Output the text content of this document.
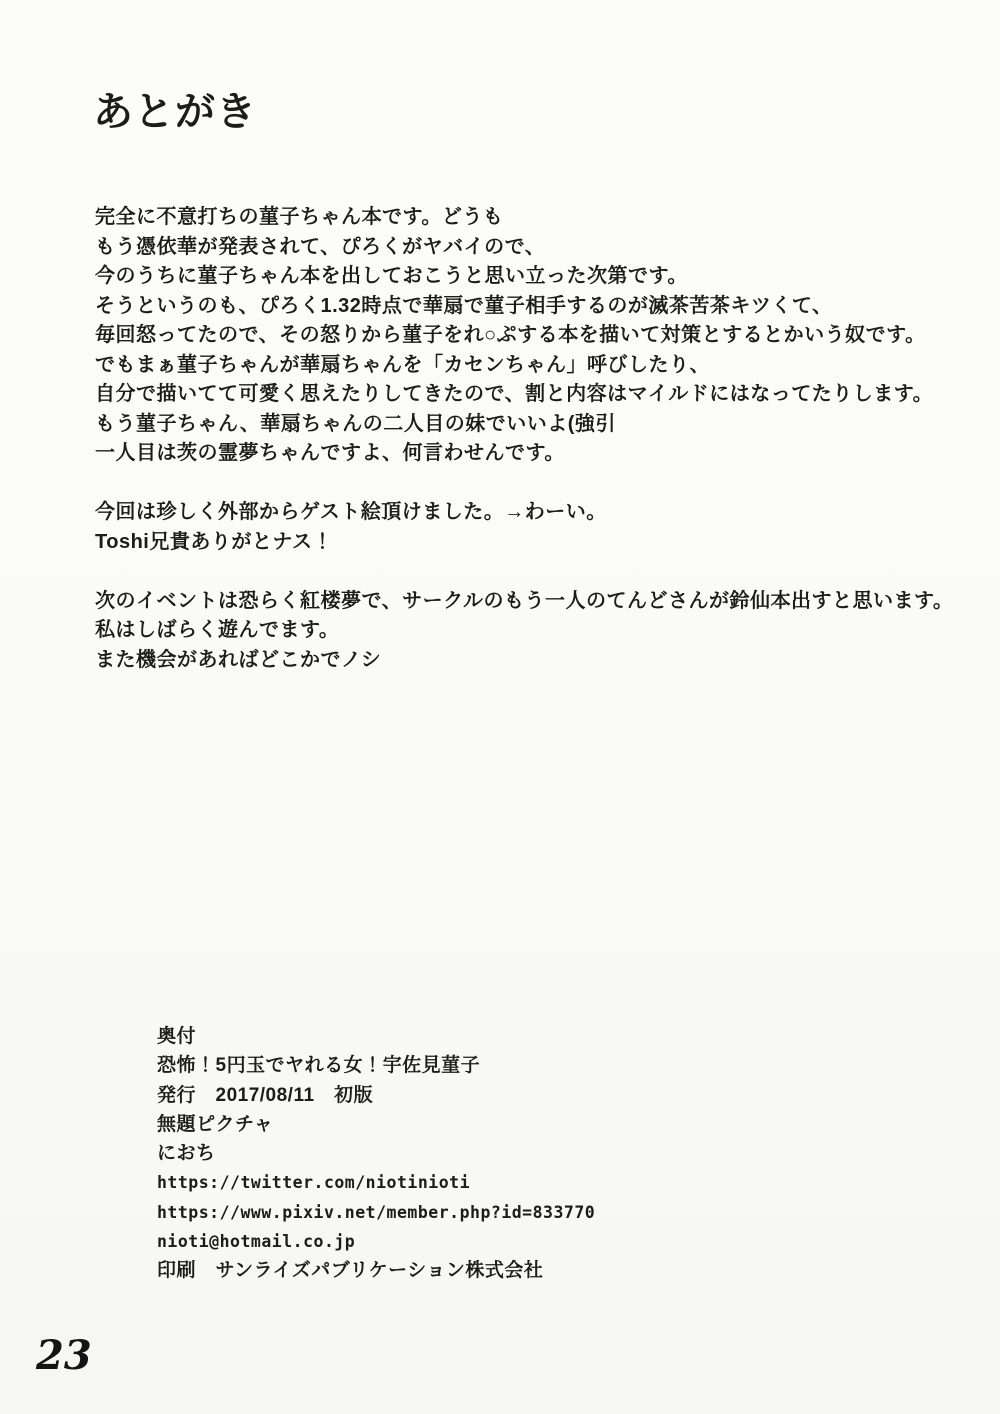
あとがき

完全に不意打ちの菫子ちゃん本です。どうも
もう憑依華が発表されて、ぴろくがヤバイので、
今のうちに菫子ちゃん本を出しておこうと思い立った次第です。
そうというのも、ぴろく1.32時点で華扇で菫子相手するのが滅茶苦茶キツくて、
毎回怒ってたので、その怒りから菫子をれ○ぷする本を描いて対策とするとかいう奴です。
でもまぁ菫子ちゃんが華扇ちゃんを「カセンちゃん」呼びしたり、
自分で描いてて可愛く思えたりしてきたので、割と内容はマイルドにはなってたりします。
もう菫子ちゃん、華扇ちゃんの二人目の妹でいいよ(強引
一人目は茨の霊夢ちゃんですよ、何言わせんです。

今回は珍しく外部からゲスト絵頂けました。→わーい。
Toshi兄貴ありがとナス！

次のイベントは恐らく紅楼夢で、サークルのもう一人のてんどさんが鈴仙本出すと思います。
私はしばらく遊んでます。
また機会があればどこかでノシ

奥付
恐怖！5円玉でヤれる女！宇佐見菫子
発行　2017/08/11　初版
無題ピクチャ
におち
https://twitter.com/niotinioti
https://www.pixiv.net/member.php?id=833770
nioti@hotmail.co.jp
印刷　サンライズパブリケーション株式会社
23
